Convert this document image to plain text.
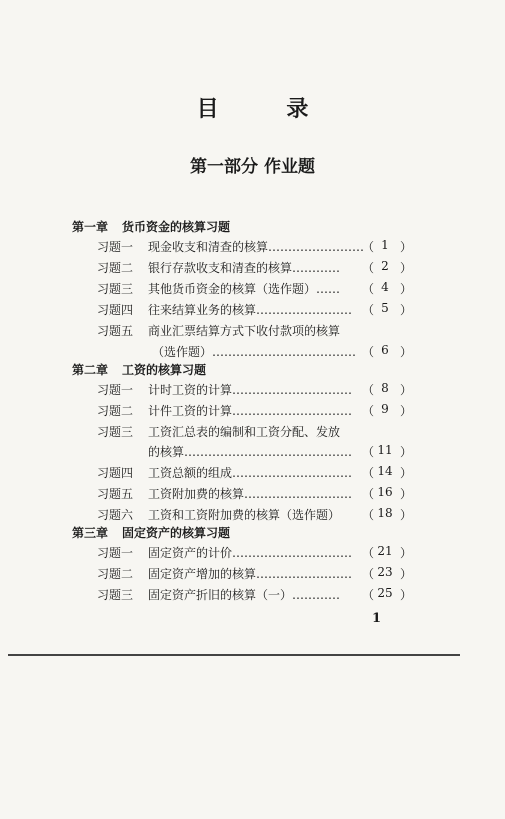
目 录
第一部分 作业题
第一章 货币资金的核算习题
习题一 现金收支和清查的核算……………………
（ 1 ）
习题二 银行存款收支和清查的核算………… （ 2 ）
习题三 其他货币资金的核算（选作题）…… （ 4 ）
习题四 往来结算业务的核算…………………… （ 5 ）
习题五 商业汇票结算方式下收付款项的核算
（选作题）……………………………… （ 6 ）
第二章 工资的核算习题
习题一 计时工资的计算………………………… （ 8 ）
习题二 计件工资的计算………………………… （ 9 ）
习题三 工资汇总表的编制和工资分配、发放
的核算…………………………………… （ 11 ）
习题四 工资总额的组成………………………… （ 14 ）
习题五 工资附加费的核算……………………… （ 16 ）
习题六 工资和工资附加费的核算（选作题） （ 18 ）
第三章 固定资产的核算习题
习题一 固定资产的计价………………………… （ 21 ）
习题二 固定资产增加的核算…………………… （ 23 ）
习题三 固定资产折旧的核算（一）………… （ 25 ）
1
